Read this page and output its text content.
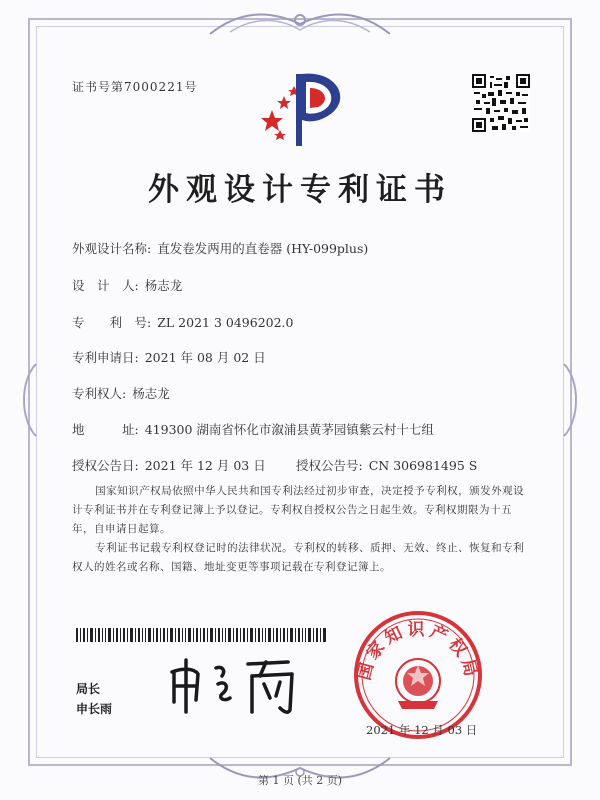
证书号第7000221号
外观设计专利证书
外观设计名称: 直发卷发两用的直卷器 (HY-099plus)
设　计　人: 杨志龙
专　　利　号: ZL 2021 3 0496202.0
专利申请日: 2021 年 08 月 02 日
专利权人: 杨志龙
地　　　址: 419300 湖南省怀化市溆浦县黄茅园镇紫云村十七组
授权公告日: 2021 年 12 月 03 日 授权公告号: CN 306981495 S
国家知识产权局依照中华人民共和国专利法经过初步审查，决定授予专利权，颁发外观设计专利证书并在专利登记簿上予以登记。专利权自授权公告之日起生效。专利权期限为十五年，自申请日起算。
专利证书记载专利权登记时的法律状况。专利权的转移、质押、无效、终止、恢复和专利权人的姓名或名称、国籍、地址变更等事项记载在专利登记簿上。
局长
申长雨
国家知识产权局
2021 年 12 月 03 日
第 1 页 (共 2 页)
